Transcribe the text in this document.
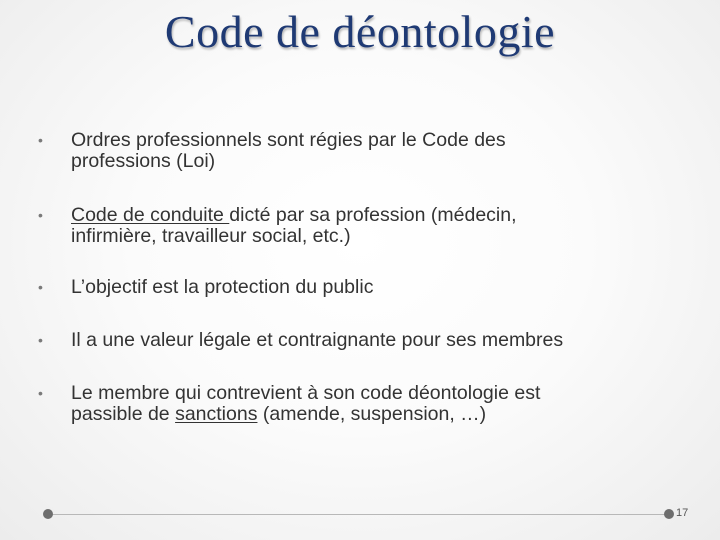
Code de déontologie
•	Ordres professionnels sont régies par le Code des
professions (Loi)
•	Code de conduite dicté par sa profession (médecin,
infirmière, travailleur social, etc.)
•	L’objectif est la protection du public
•	Il a une valeur légale et contraignante pour ses membres
•	Le membre qui contrevient à son code déontologie est
passible de sanctions (amende, suspension, …)
17
